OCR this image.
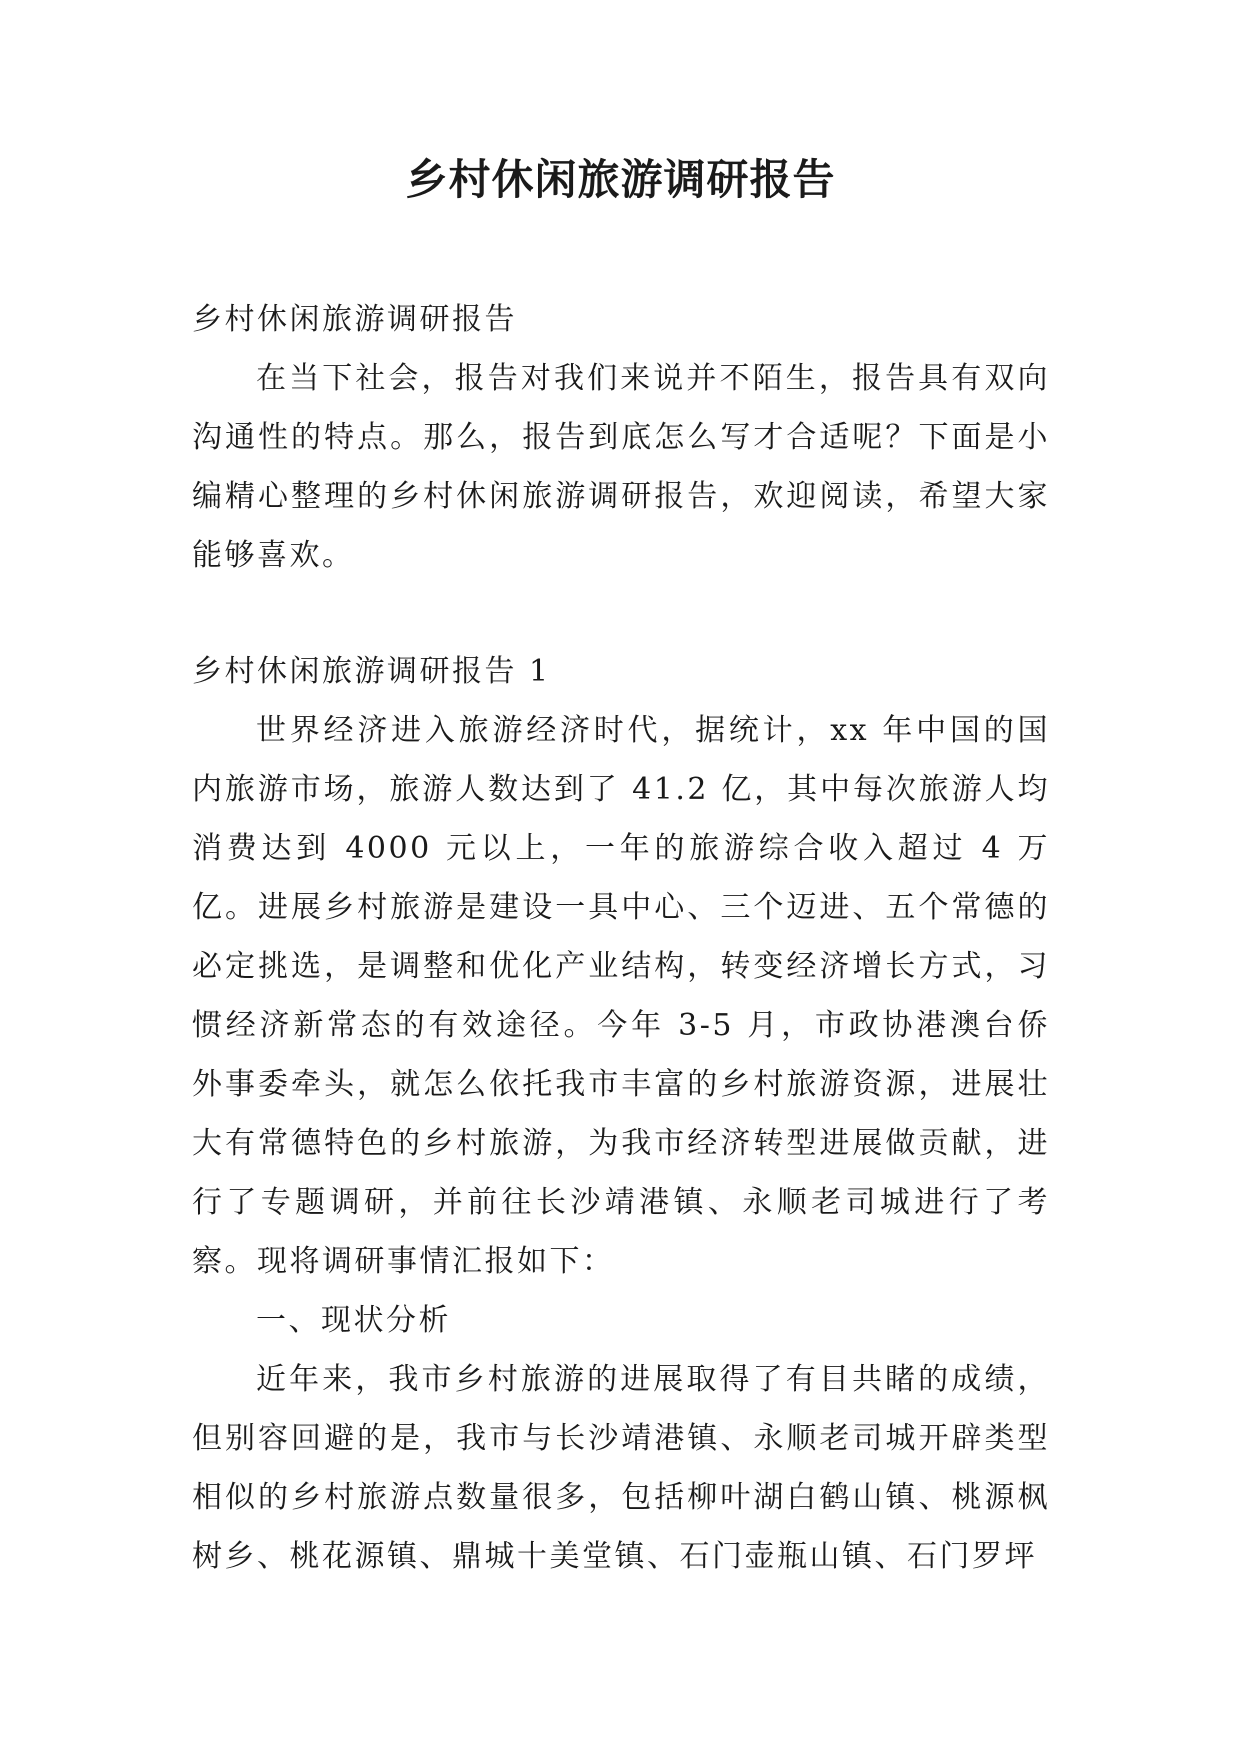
乡村休闲旅游调研报告

乡村休闲旅游调研报告

在当下社会，报告对我们来说并不陌生，报告具有双向沟通性的特点。那么，报告到底怎么写才合适呢？下面是小编精心整理的乡村休闲旅游调研报告，欢迎阅读，希望大家能够喜欢。

乡村休闲旅游调研报告 1

世界经济进入旅游经济时代，据统计，xx 年中国的国内旅游市场，旅游人数达到了 41.2 亿，其中每次旅游人均消费达到 4000 元以上，一年的旅游综合收入超过 4 万亿。进展乡村旅游是建设一具中心、三个迈进、五个常德的必定挑选，是调整和优化产业结构，转变经济增长方式，习惯经济新常态的有效途径。今年 3-5 月，市政协港澳台侨外事委牵头，就怎么依托我市丰富的乡村旅游资源，进展壮大有常德特色的乡村旅游，为我市经济转型进展做贡献，进行了专题调研，并前往长沙靖港镇、永顺老司城进行了考察。现将调研事情汇报如下：

一、现状分析

近年来，我市乡村旅游的进展取得了有目共睹的成绩，但别容回避的是，我市与长沙靖港镇、永顺老司城开辟类型相似的乡村旅游点数量很多，包括柳叶湖白鹤山镇、桃源枫树乡、桃花源镇、鼎城十美堂镇、石门壶瓶山镇、石门罗坪
